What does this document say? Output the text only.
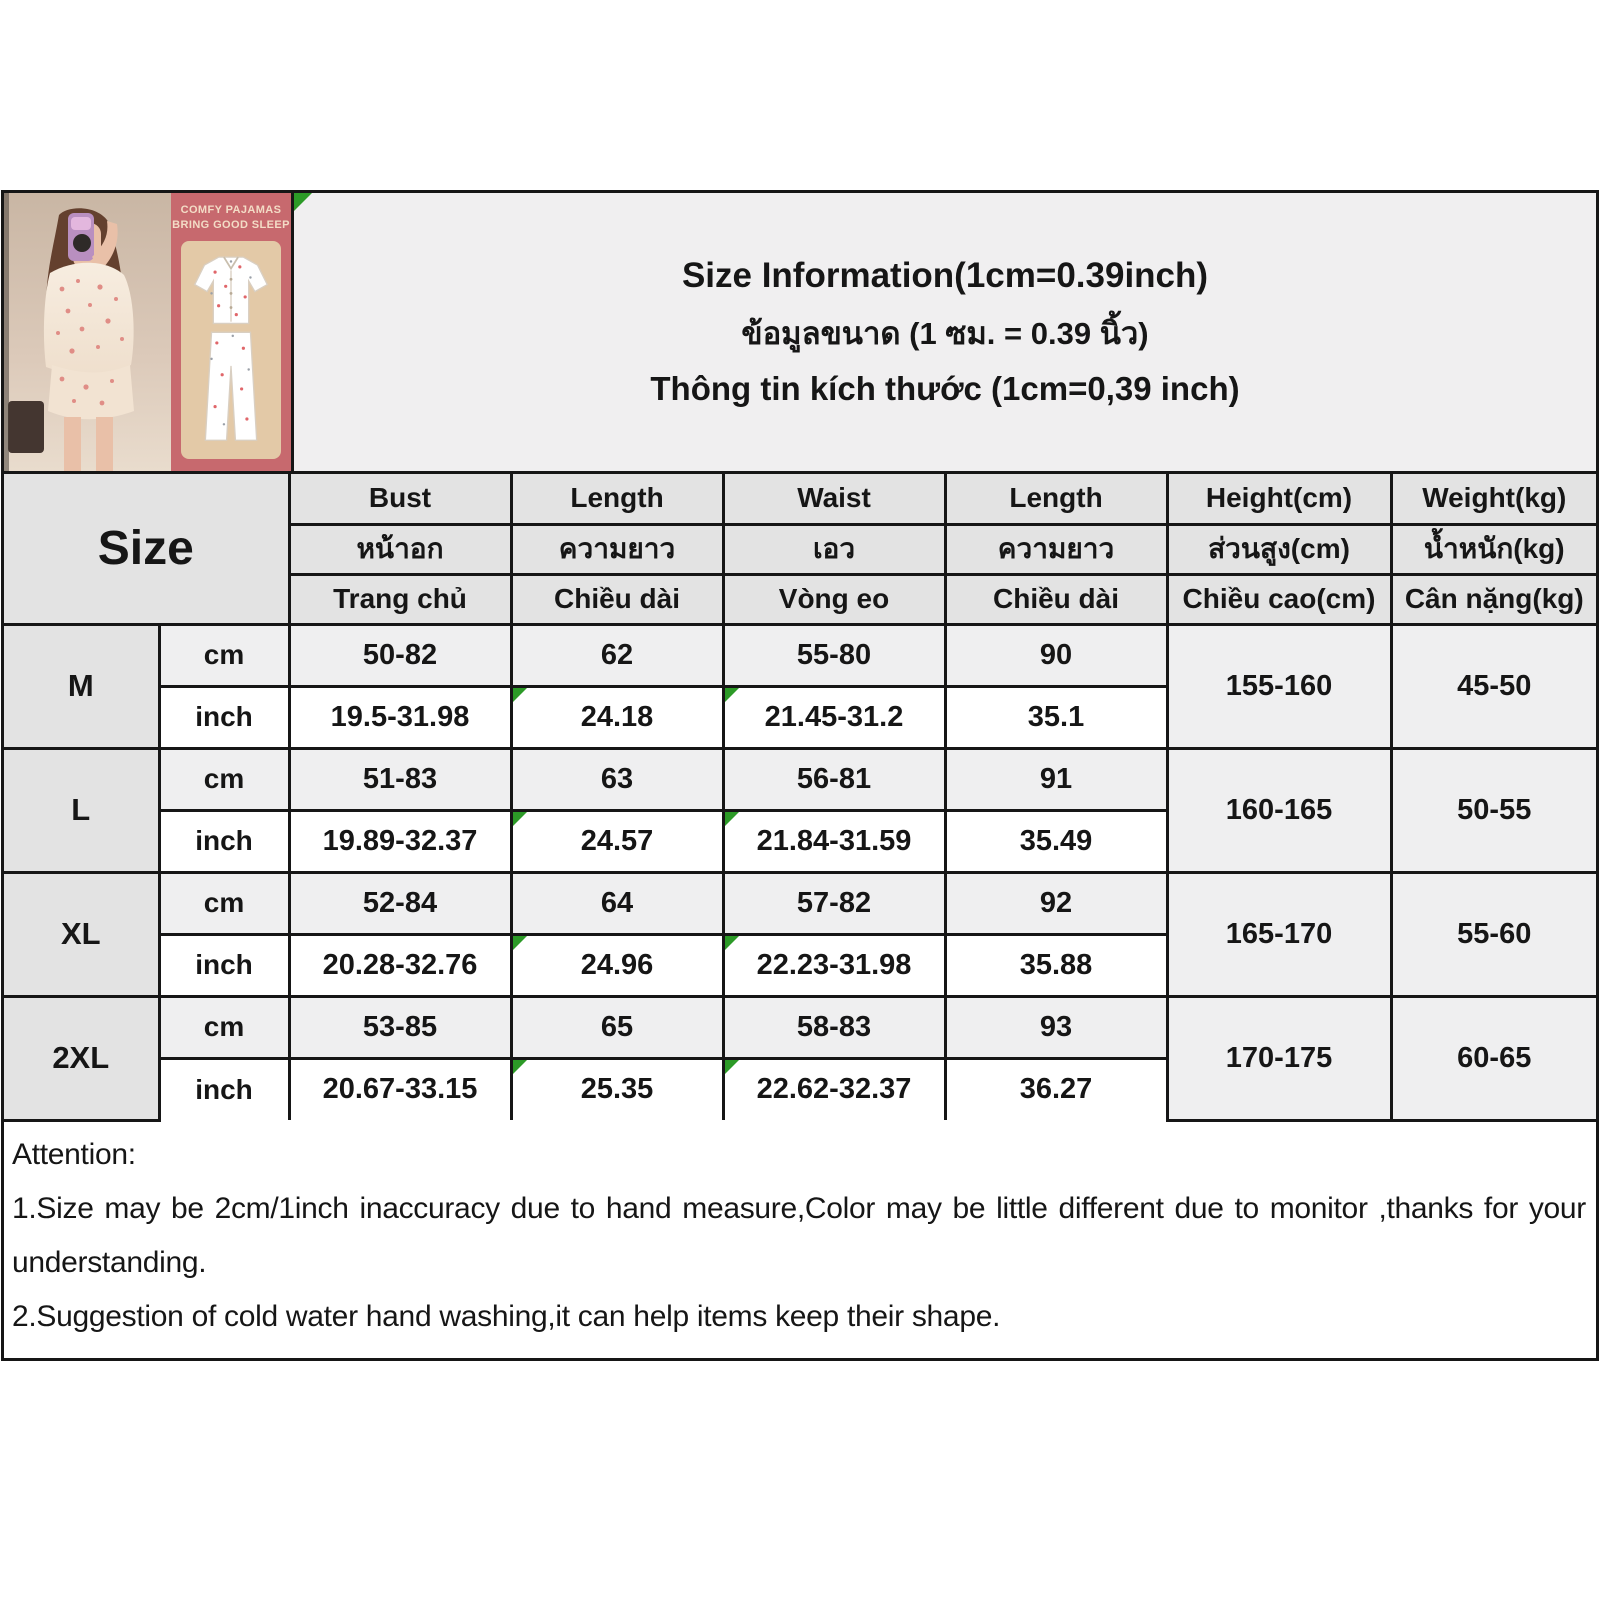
COMFY PAJAMAS
BRING GOOD SLEEP
Size Information(1cm=0.39inch)
ข้อมูลขนาด (1 ซม. = 0.39 นิ้ว)
Thông tin kích thước (1cm=0,39 inch)
Size		Bust	Length	Waist	Length	Height(cm)	Weight(kg)
		หน้าอก	ความยาว	เอว	ความยาว	ส่วนสูง(cm)	น้ำหนัก(kg)
		Trang chủ	Chiều dài	Vòng eo	Chiều dài	Chiều cao(cm)	Cân nặng(kg)
M	cm	50-82	62	55-80	90	155-160	45-50
	inch	19.5-31.98	24.18	21.45-31.2	35.1		
L	cm	51-83	63	56-81	91	160-165	50-55
	inch	19.89-32.37	24.57	21.84-31.59	35.49		
XL	cm	52-84	64	57-82	92	165-170	55-60
	inch	20.28-32.76	24.96	22.23-31.98	35.88		
2XL	cm	53-85	65	58-83	93	170-175	60-65
	inch	20.67-33.15	25.35	22.62-32.37	36.27		
Attention:
1.Size may be 2cm/1inch inaccuracy due to hand measure,Color may be little different due to monitor ,thanks for your understanding.
2.Suggestion of cold water hand washing,it can help items keep their shape.
